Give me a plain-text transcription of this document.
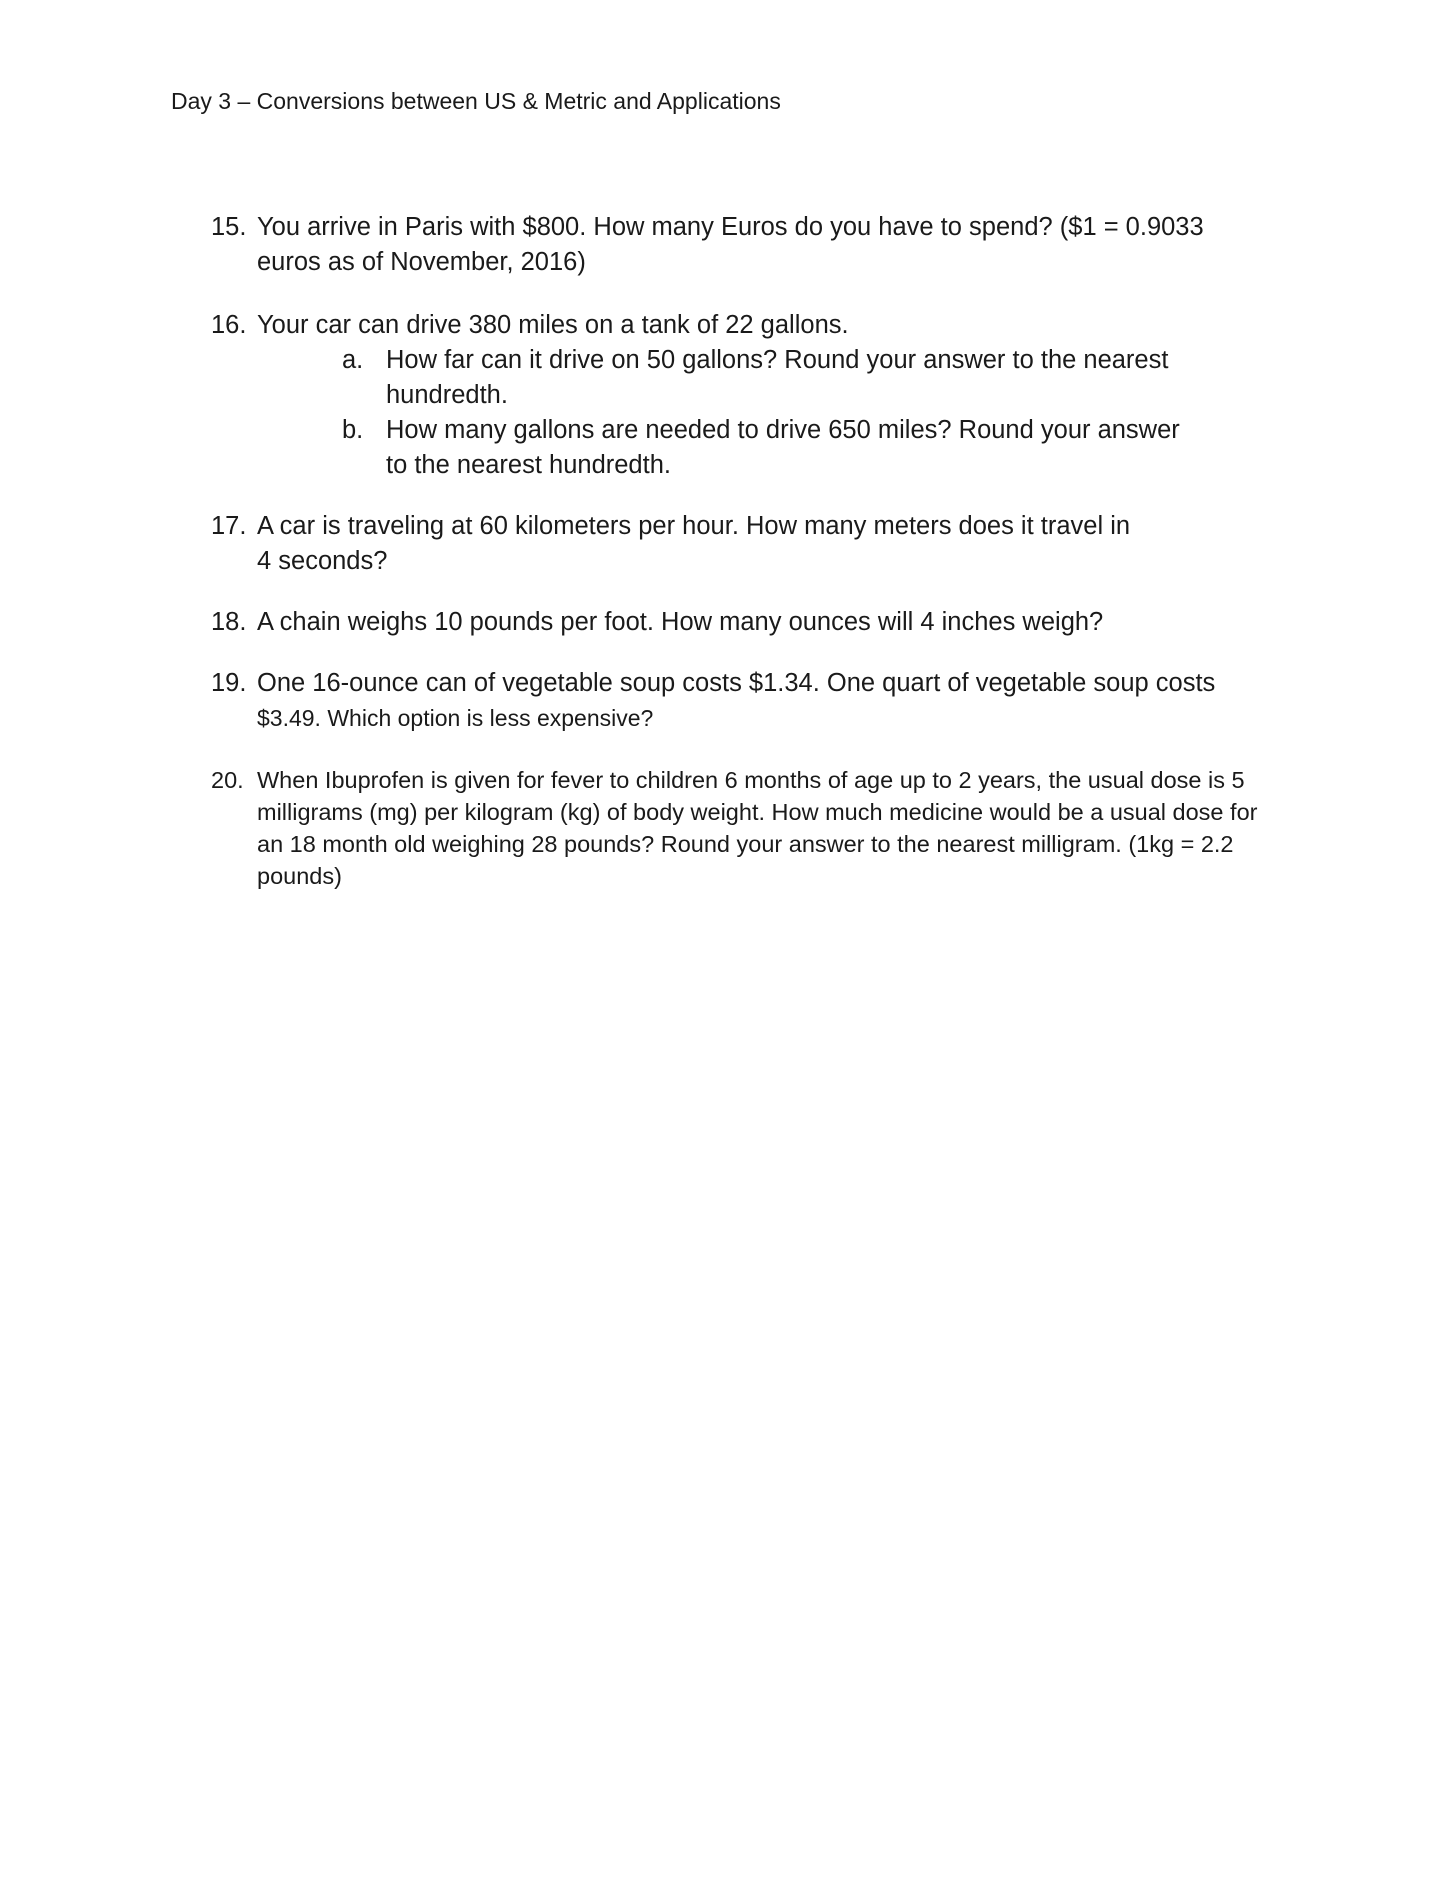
Day 3 – Conversions between US & Metric and Applications
15. You arrive in Paris with $800. How many Euros do you have to spend? ($1 = 0.9033
euros as of November, 2016)
16. Your car can drive 380 miles on a tank of 22 gallons.
a. How far can it drive on 50 gallons? Round your answer to the nearest
hundredth.
b. How many gallons are needed to drive 650 miles? Round your answer
to the nearest hundredth.
17. A car is traveling at 60 kilometers per hour. How many meters does it travel in
4 seconds?
18. A chain weighs 10 pounds per foot. How many ounces will 4 inches weigh?
19. One 16-ounce can of vegetable soup costs $1.34. One quart of vegetable soup costs
$3.49. Which option is less expensive?
20. When Ibuprofen is given for fever to children 6 months of age up to 2 years, the usual dose is 5
milligrams (mg) per kilogram (kg) of body weight. How much medicine would be a usual dose for
an 18 month old weighing 28 pounds? Round your answer to the nearest milligram. (1kg = 2.2
pounds)
